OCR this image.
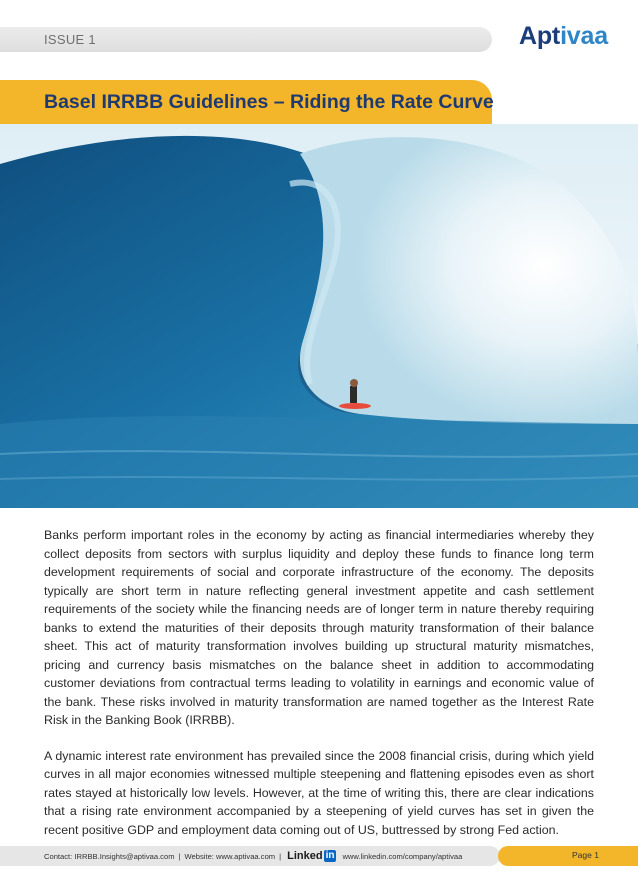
ISSUE 1	Aptivaa
Basel IRRBB Guidelines – Riding the Rate Curve

Banks perform important roles in the economy by acting as financial intermediaries whereby they collect deposits from sectors with surplus liquidity and deploy these funds to finance long term development requirements of social and corporate infrastructure of the economy. The deposits typically are short term in nature reflecting general investment appetite and cash settlement requirements of the society while the financing needs are of longer term in nature thereby requiring banks to extend the maturities of their deposits through maturity transformation of their balance sheet. This act of maturity transformation involves building up structural maturity mismatches, pricing and currency basis mismatches on the balance sheet in addition to accommodating customer deviations from contractual terms leading to volatility in earnings and economic value of the bank. These risks involved in maturity transformation are named together as the Interest Rate Risk in the Banking Book (IRRBB).

A dynamic interest rate environment has prevailed since the 2008 financial crisis, during which yield curves in all major economies witnessed multiple steepening and flattening episodes even as short rates stayed at historically low levels. However, at the time of writing this, there are clear indications that a rising rate environment accompanied by a steepening of yield curves has set in given the recent positive GDP and employment data coming out of US, buttressed by strong Fed action.

Contact: IRRBB.Insights@aptivaa.com | Website: www.aptivaa.com | Linked in www.linkedin.com/company/aptivaa	Page 1
